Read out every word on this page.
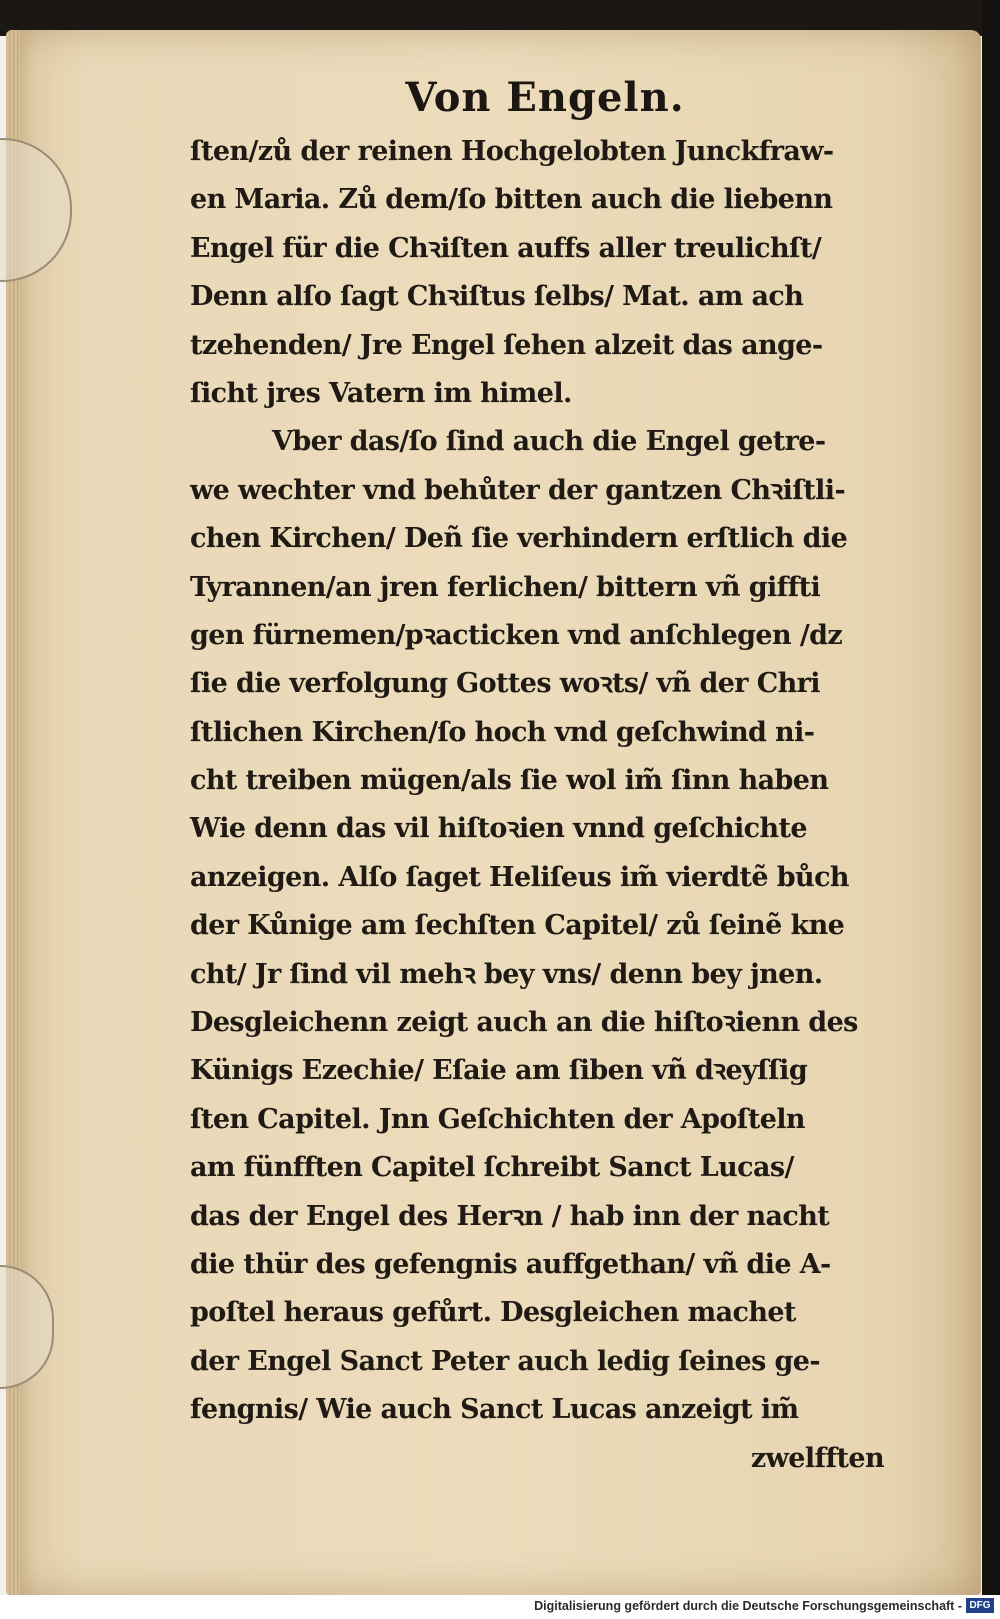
Von Engeln.
ſten/zů der reinen Hochgelobten Junckfraw-
en Maria. Zů dem/ſo bitten auch die liebenn
Engel für die Chꝛiſten auffs aller treulichſt/
Denn alſo ſagt Chꝛiſtus ſelbs/ Mat. am ach
tzehenden/ Jre Engel ſehen alzeit das ange-
ſicht jres Vatern im himel.
Vber das/ſo ſind auch die Engel getre-
we wechter vnd behůter der gantzen Chꝛiſtli-
chen Kirchen/ Deñ ſie verhindern erſtlich die
Tyrannen/an jren ferlichen/ bittern vñ giffti
gen fürnemen/pꝛacticken vnd anſchlegen /dz
ſie die verfolgung Gottes woꝛts/ vñ der Chri
ſtlichen Kirchen/ſo hoch vnd geſchwind ni-
cht treiben mügen/als ſie wol im̃ ſinn haben
Wie denn das vil hiſtoꝛien vnnd geſchichte
anzeigen. Alſo ſaget Heliſeus im̃ vierdtẽ bůch
der Kůnige am ſechſten Capitel/ zů ſeinẽ kne
cht/ Jr ſind vil mehꝛ bey vns/ denn bey jnen.
Desgleichenn zeigt auch an die hiſtoꝛienn des
Künigs Ezechie/ Eſaie am ſiben vñ dꝛeyſſig
ſten Capitel. Jnn Geſchichten der Apoſteln
am fünfften Capitel ſchreibt Sanct Lucas/
das der Engel des Herꝛn / hab inn der nacht
die thür des gefengnis auffgethan/ vñ die A-
poſtel heraus gefůrt. Desgleichen machet
der Engel Sanct Peter auch ledig ſeines ge-
fengnis/ Wie auch Sanct Lucas anzeigt im̃
zwelfften
Digitalisierung gefördert durch die Deutsche Forschungsgemeinschaft - DFG
